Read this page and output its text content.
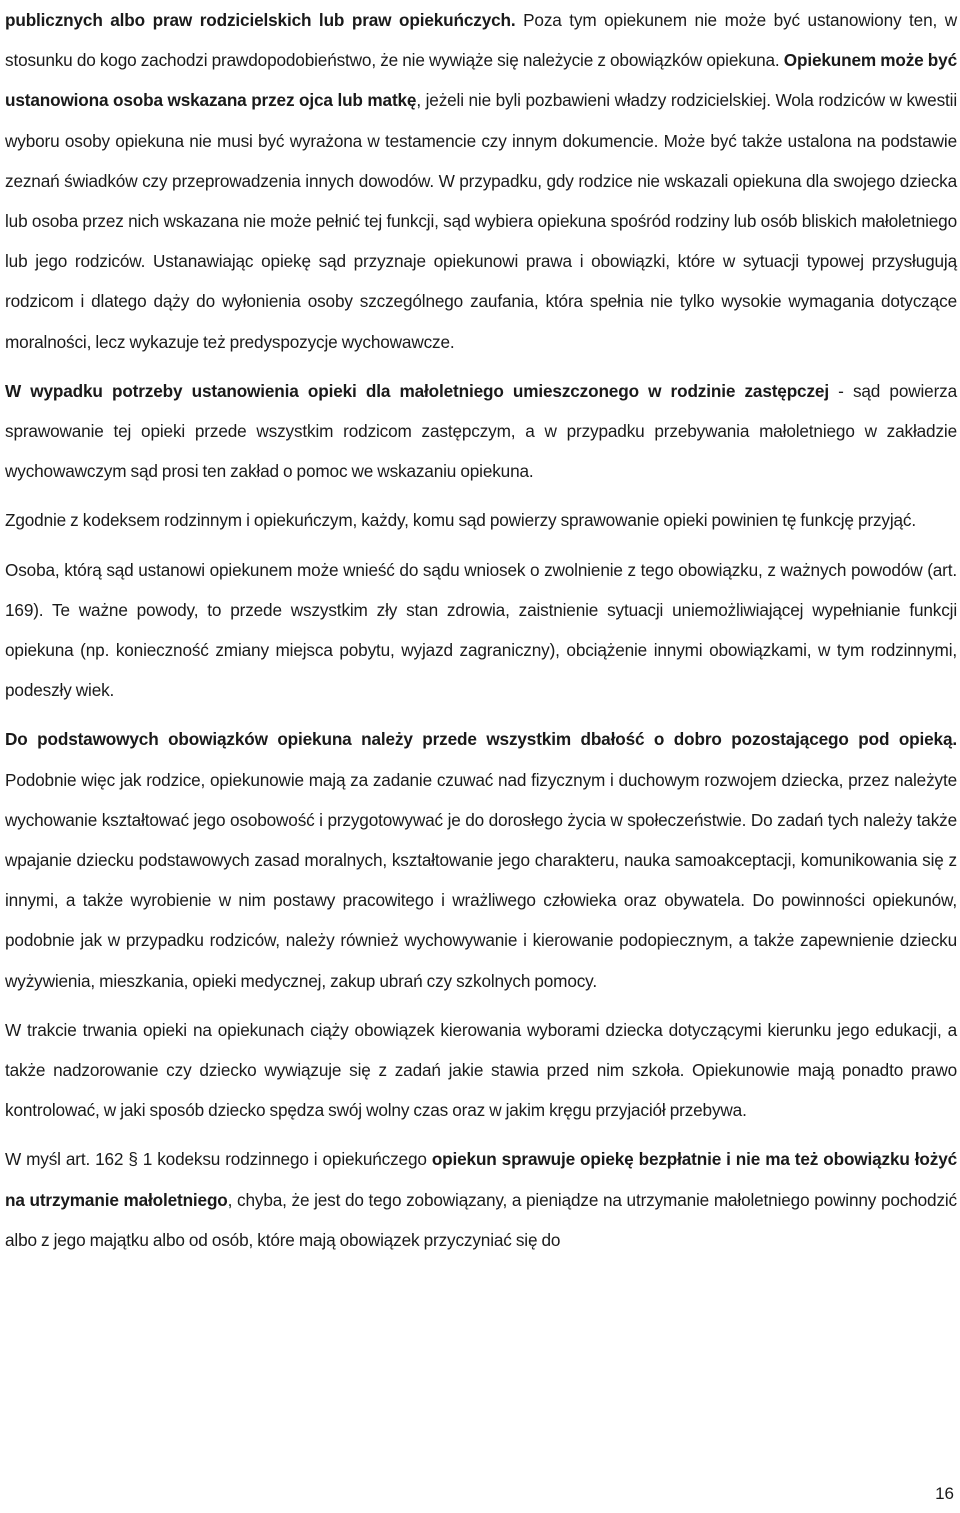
publicznych albo praw rodzicielskich lub praw opiekuńczych. Poza tym opiekunem nie może być ustanowiony ten, w stosunku do kogo zachodzi prawdopodobieństwo, że nie wywiąże się należycie z obowiązków opiekuna. Opiekunem może być ustanowiona osoba wskazana przez ojca lub matkę, jeżeli nie byli pozbawieni władzy rodzicielskiej. Wola rodziców w kwestii wyboru osoby opiekuna nie musi być wyrażona w testamencie czy innym dokumencie. Może być także ustalona na podstawie zeznań świadków czy przeprowadzenia innych dowodów. W przypadku, gdy rodzice nie wskazali opiekuna dla swojego dziecka lub osoba przez nich wskazana nie może pełnić tej funkcji, sąd wybiera opiekuna spośród rodziny lub osób bliskich małoletniego lub jego rodziców. Ustanawiając opiekę sąd przyznaje opiekunowi prawa i obowiązki, które w sytuacji typowej przysługują rodzicom i dlatego dąży do wyłonienia osoby szczególnego zaufania, która spełnia nie tylko wysokie wymagania dotyczące moralności, lecz wykazuje też predyspozycje wychowawcze.

W wypadku potrzeby ustanowienia opieki dla małoletniego umieszczonego w rodzinie zastępczej - sąd powierza sprawowanie tej opieki przede wszystkim rodzicom zastępczym, a w przypadku przebywania małoletniego w zakładzie wychowawczym sąd prosi ten zakład o pomoc we wskazaniu opiekuna.

Zgodnie z kodeksem rodzinnym i opiekuńczym, każdy, komu sąd powierzy sprawowanie opieki powinien tę funkcję przyjąć.

Osoba, którą sąd ustanowi opiekunem może wnieść do sądu wniosek o zwolnienie z tego obowiązku, z ważnych powodów (art. 169). Te ważne powody, to przede wszystkim zły stan zdrowia, zaistnienie sytuacji uniemożliwiającej wypełnianie funkcji opiekuna (np. konieczność zmiany miejsca pobytu, wyjazd zagraniczny), obciążenie innymi obowiązkami, w tym rodzinnymi, podeszły wiek.

Do podstawowych obowiązków opiekuna należy przede wszystkim dbałość o dobro pozostającego pod opieką. Podobnie więc jak rodzice, opiekunowie mają za zadanie czuwać nad fizycznym i duchowym rozwojem dziecka, przez należyte wychowanie kształtować jego osobowość i przygotowywać je do dorosłego życia w społeczeństwie. Do zadań tych należy także wpajanie dziecku podstawowych zasad moralnych, kształtowanie jego charakteru, nauka samoakceptacji, komunikowania się z innymi, a także wyrobienie w nim postawy pracowitego i wrażliwego człowieka oraz obywatela. Do powinności opiekunów, podobnie jak w przypadku rodziców, należy również wychowywanie i kierowanie podopiecznym, a także zapewnienie dziecku wyżywienia, mieszkania, opieki medycznej, zakup ubrań czy szkolnych pomocy.

W trakcie trwania opieki na opiekunach ciąży obowiązek kierowania wyborami dziecka dotyczącymi kierunku jego edukacji, a także nadzorowanie czy dziecko wywiązuje się z zadań jakie stawia przed nim szkoła. Opiekunowie mają ponadto prawo kontrolować, w jaki sposób dziecko spędza swój wolny czas oraz w jakim kręgu przyjaciół przebywa.

W myśl art. 162 § 1 kodeksu rodzinnego i opiekuńczego opiekun sprawuje opiekę bezpłatnie i nie ma też obowiązku łożyć na utrzymanie małoletniego, chyba, że jest do tego zobowiązany, a pieniądze na utrzymanie małoletniego powinny pochodzić albo z jego majątku albo od osób, które mają obowiązek przyczyniać się do

16
